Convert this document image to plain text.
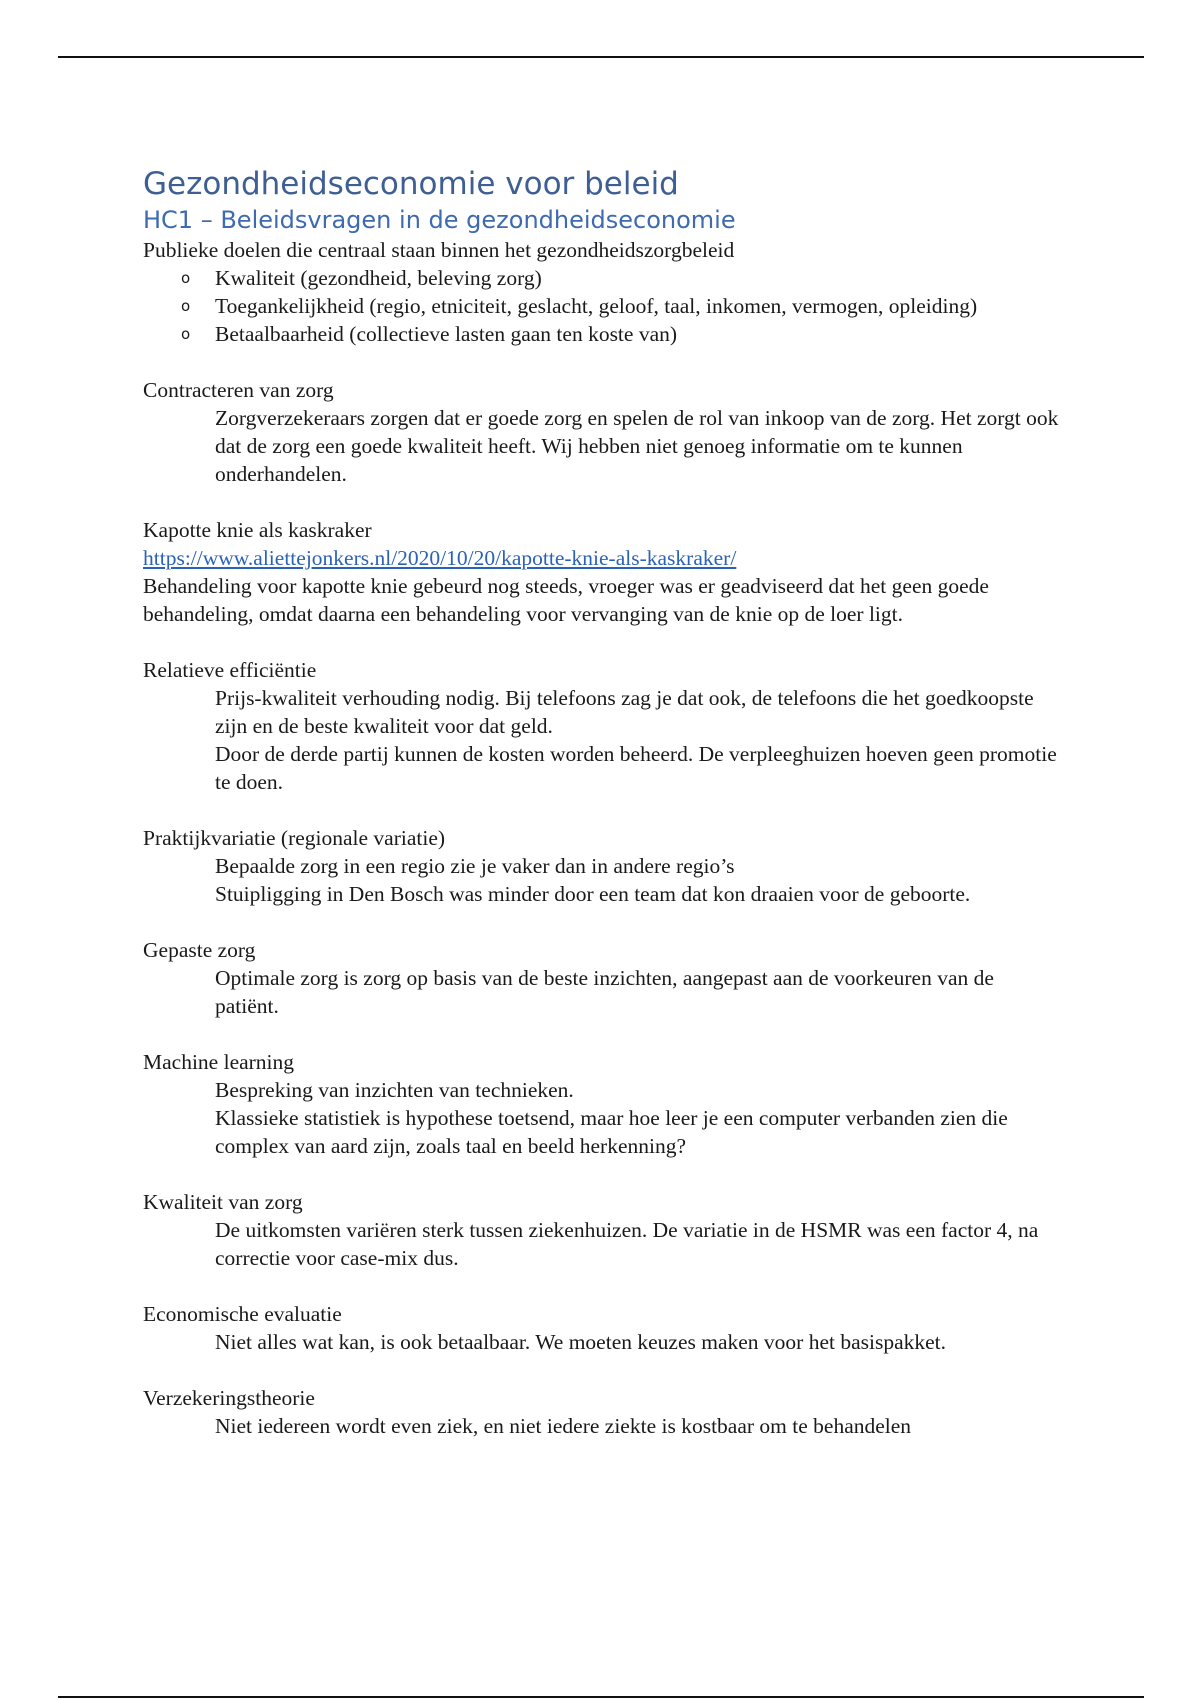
Gezondheidseconomie voor beleid
HC1 – Beleidsvragen in de gezondheidseconomie

Publieke doelen die centraal staan binnen het gezondheidszorgbeleid

o Kwaliteit (gezondheid, beleving zorg)
o Toegankelijkheid (regio, etniciteit, geslacht, geloof, taal, inkomen, vermogen, opleiding)
o Betaalbaarheid (collectieve lasten gaan ten koste van)
Contracteren van zorg
Zorgverzekeraars zorgen dat er goede zorg en spelen de rol van inkoop van de zorg. Het zorgt ook dat de zorg een goede kwaliteit heeft. Wij hebben niet genoeg informatie om te kunnen onderhandelen.
Kapotte knie als kaskraker
https://www.aliettejonkers.nl/2020/10/20/kapotte-knie-als-kaskraker/

Behandeling voor kapotte knie gebeurd nog steeds, vroeger was er geadviseerd dat het geen goede behandeling, omdat daarna een behandeling voor vervanging van de knie op de loer ligt.

Relatieve efficiëntie
Prijs-kwaliteit verhouding nodig. Bij telefoons zag je dat ook, de telefoons die het goedkoopste zijn en de beste kwaliteit voor dat geld.
Door de derde partij kunnen de kosten worden beheerd. De verpleeghuizen hoeven geen promotie te doen.
Praktijkvariatie (regionale variatie)
Bepaalde zorg in een regio zie je vaker dan in andere regio’s
Stuipligging in Den Bosch was minder door een team dat kon draaien voor de geboorte.
Gepaste zorg
Optimale zorg is zorg op basis van de beste inzichten, aangepast aan de voorkeuren van de patiënt.
Machine learning
Bespreking van inzichten van technieken.
Klassieke statistiek is hypothese toetsend, maar hoe leer je een computer verbanden zien die complex van aard zijn, zoals taal en beeld herkenning?
Kwaliteit van zorg
De uitkomsten variëren sterk tussen ziekenhuizen. De variatie in de HSMR was een factor 4, na correctie voor case-mix dus.
Economische evaluatie
Niet alles wat kan, is ook betaalbaar. We moeten keuzes maken voor het basispakket.
Verzekeringstheorie
Niet iedereen wordt even ziek, en niet iedere ziekte is kostbaar om te behandelen
